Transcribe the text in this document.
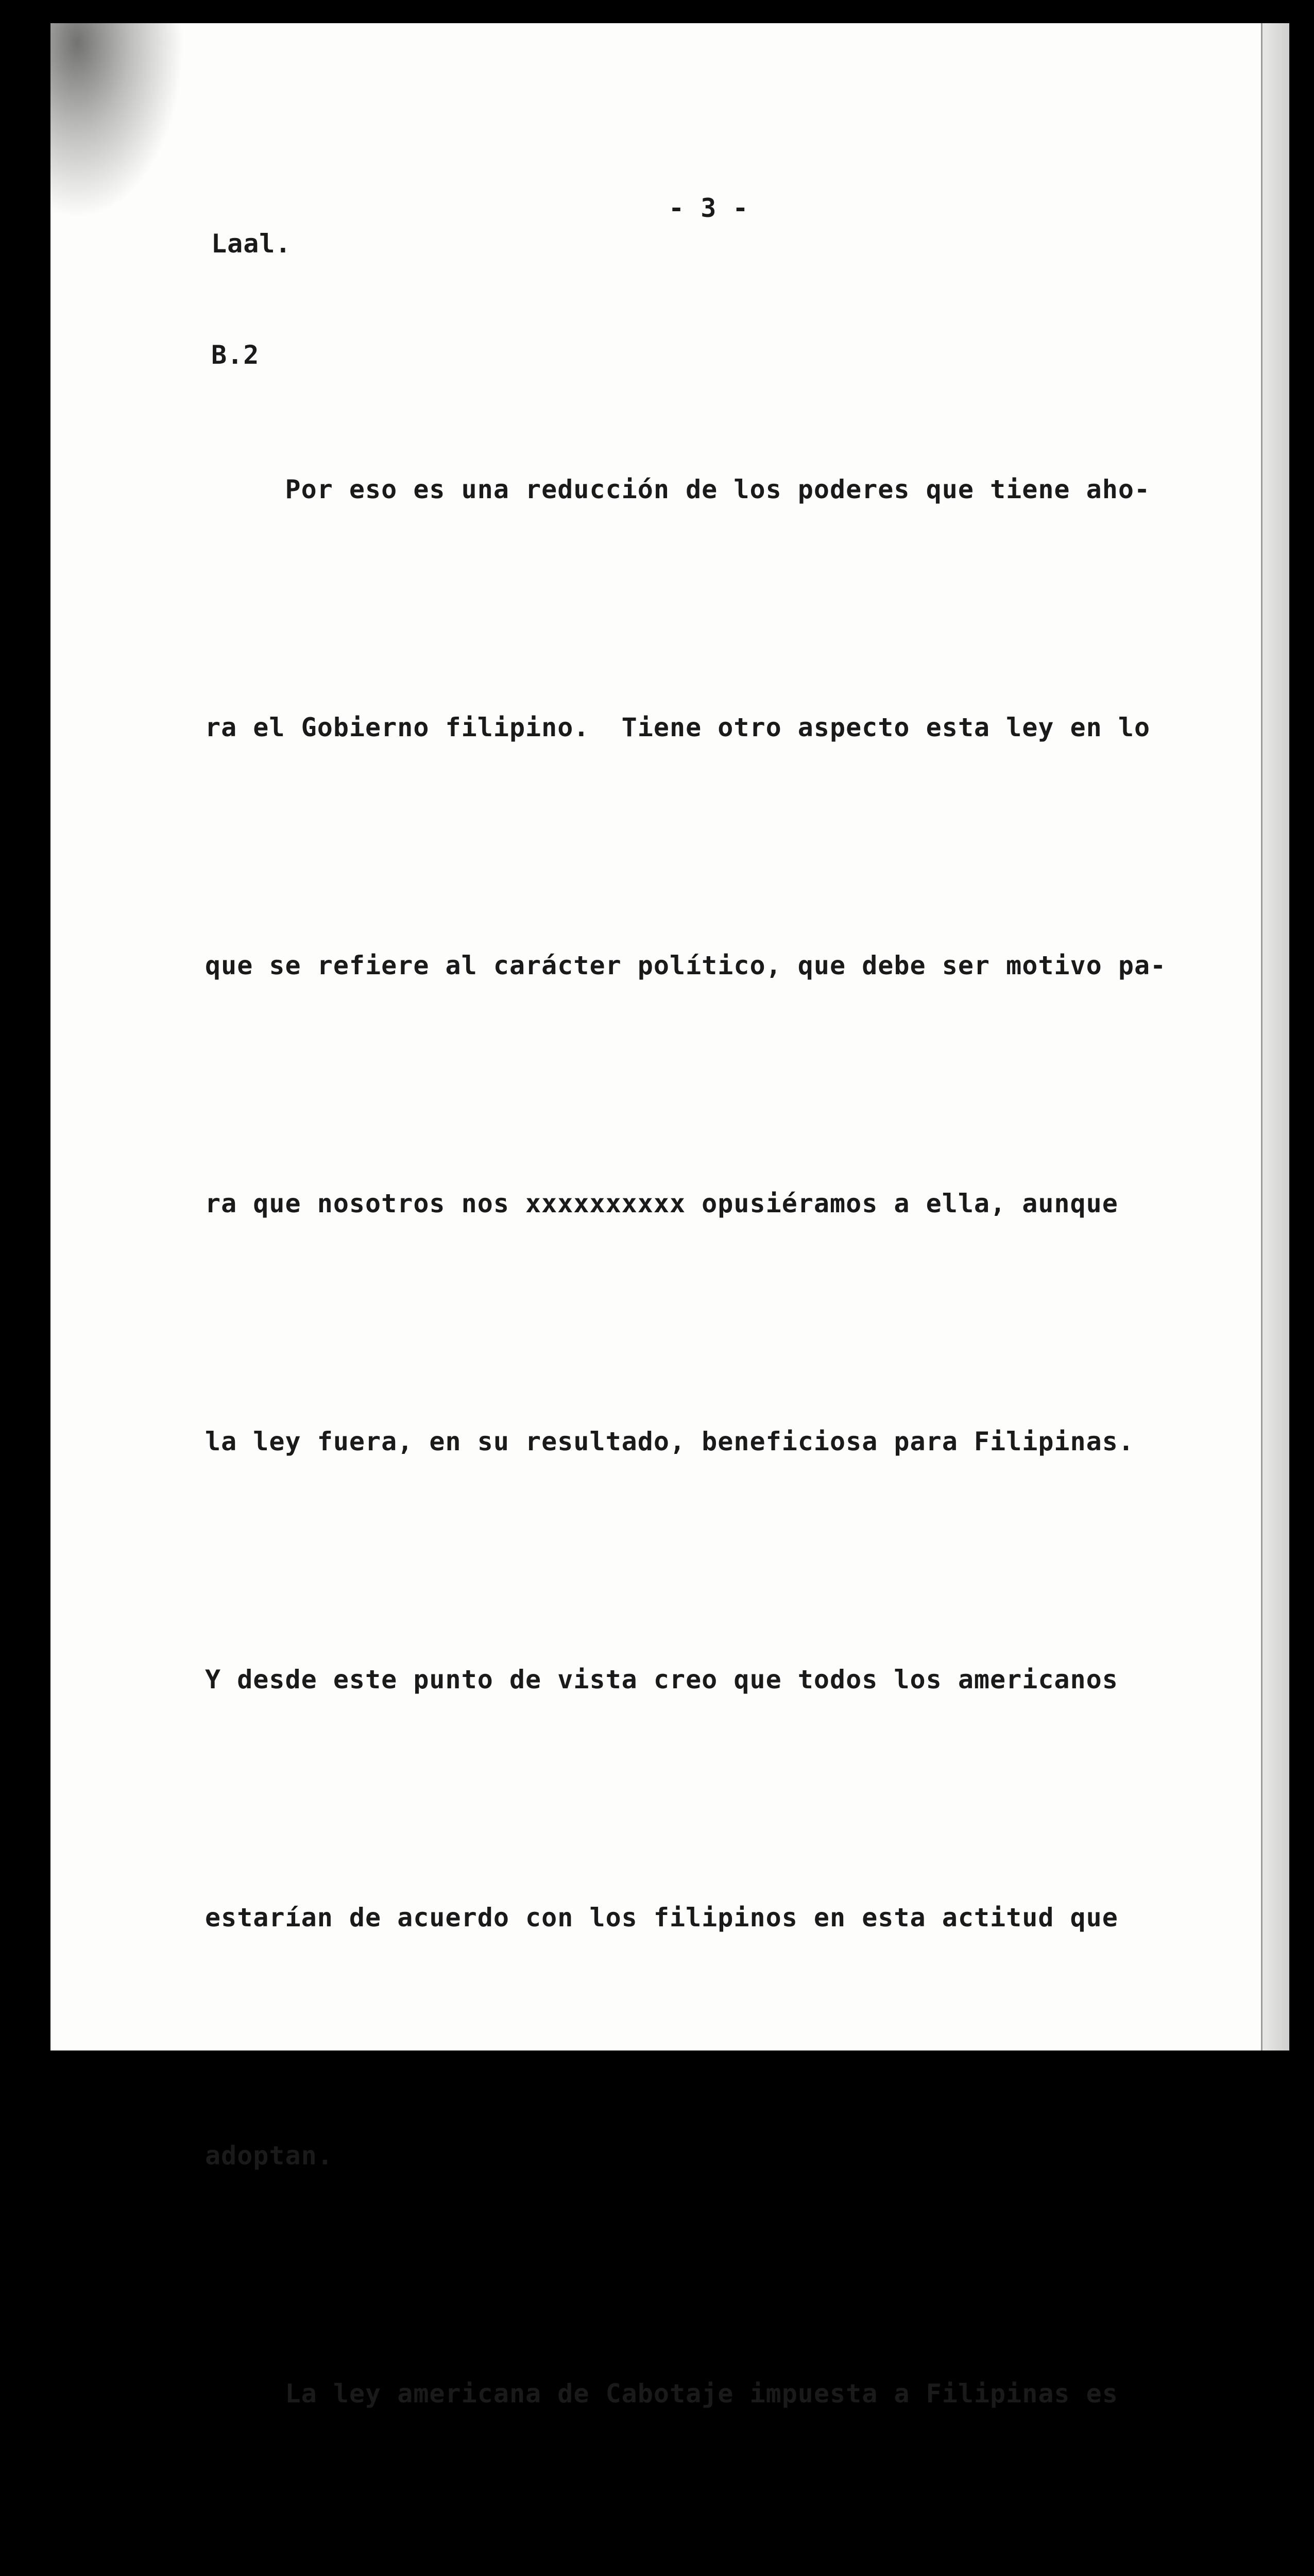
Laal.

B.2

- 3 -

Por eso es una reducción de los poderes que tiene aho-

ra el Gobierno filipino.  Tiene otro aspecto esta ley en lo

que se refiere al carácter político, que debe ser motivo pa-

ra que nosotros nos xxxxxxxxxx opusiéramos a ella, aunque

la ley fuera, en su resultado, beneficiosa para Filipinas.

Y desde este punto de vista creo que todos los americanos

estarían de acuerdo con los filipinos en esta actitud que

adoptan.

La ley americana de Cabotaje impuesta a Filipinas es
